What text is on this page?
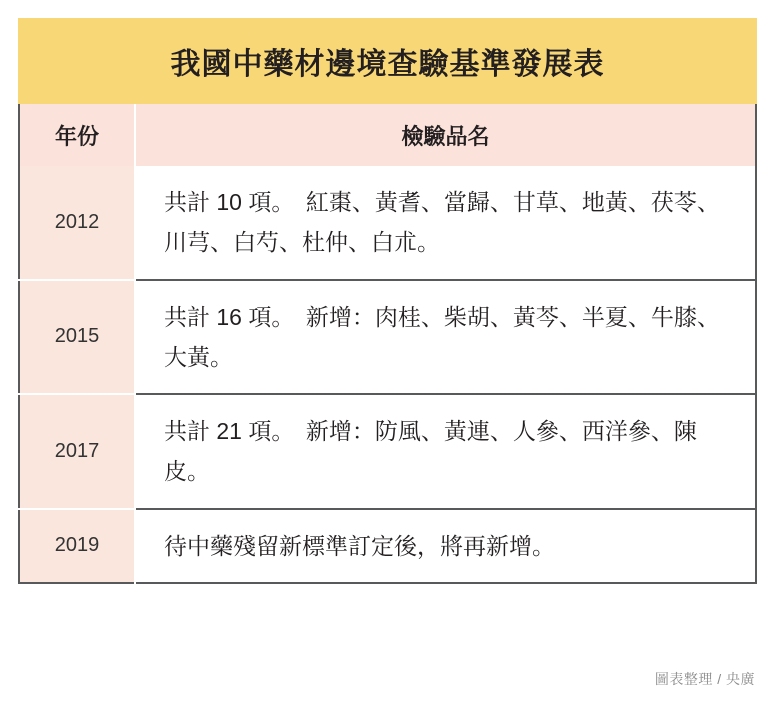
我國中藥材邊境查驗基準發展表
年份	檢驗品名
2012	共計 10 項。　紅棗、黃耆、當歸、甘草、地黃、茯苓、川芎、白芍、杜仲、白朮。
2015	共計 16 項。　新增：肉桂、柴胡、黃芩、半夏、牛膝、大黃。
2017	共計 21 項。　新增：防風、黃連、人參、西洋參、陳皮。
2019	待中藥殘留新標準訂定後，將再新增。
圖表整理 / 央廣
